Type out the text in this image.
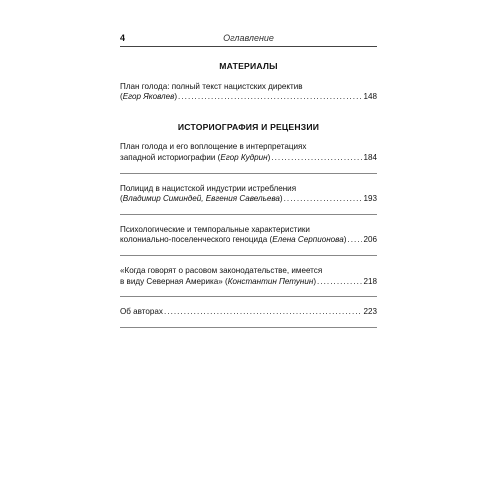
4	Оглавление
МАТЕРИАЛЫ
План голода: полный текст нацистских директив
( Егор Яковлев ) . . .	148
ИСТОРИОГРАФИЯ И РЕЦЕНЗИИ
План голода и его воплощение в интерпретациях
западной историографии ( Егор Кудрин ) . . .	184
Полицид в нацистской индустрии истребления
( Владимир Симиндей, Евгения Савельева ) . . .	193
Психологические и темпоральные характеристики
колониально-поселенческого геноцида ( Елена Серпионова ) . . . 206
«Когда говорят о расовом законодательстве, имеется
в виду Северная Америка» ( Константин Петунин ) . . .	218
Об авторах . . .	223
